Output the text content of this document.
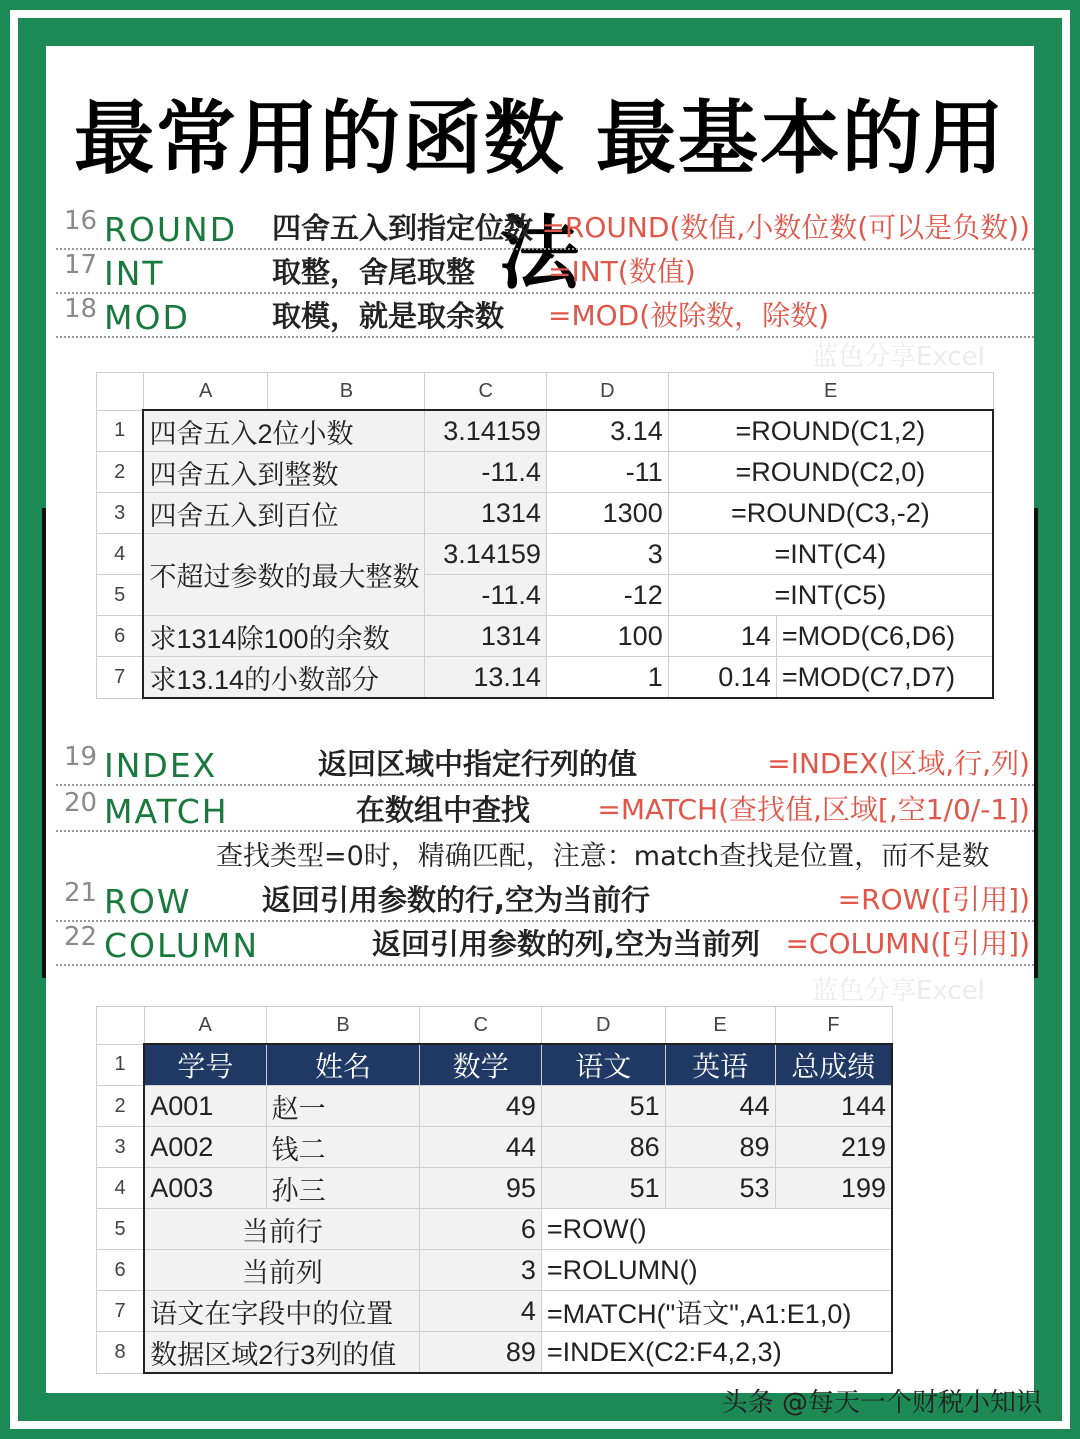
最常用的函数 最基本的用法
16 ROUND 四舍五入到指定位数 =ROUND(数值,小数位数(可以是负数))
17 INT	取整，舍尾取整	=INT(数值)
18 MOD	取模，就是取余数 =MOD(被除数，除数)
蓝色分享Excel
	A	B	C	D	E	
1	四舍五入2位小数		3.14159	3.14	=ROUND(C1,2)	
2	四舍五入到整数		-11.4	-11	=ROUND(C2,0)	
3	四舍五入到百位		1314	1300	=ROUND(C3,-2)	
4	不超过参数的最大整数		3.14159	3	=INT(C4)	
5			-11.4	-12	=INT(C5)	
6	求1314除100的余数		1314	100	14	=MOD(C6,D6)
7	求13.14的小数部分		13.14	1	0.14	=MOD(C7,D7)
19 INDEX	返回区域中指定行列的值	=INDEX(区域,行,列)
20 MATCH	在数组中查找 =MATCH(查找值,区域[,空1/0/-1])
查找类型=0时，精确匹配，注意：match查找是位置，而不是数
21 ROW 返回引用参数的行,空为当前行	=ROW([引用])
22 COLUMN	返回引用参数的列,空为当前列 =COLUMN([引用])
蓝色分享Excel
	A	B	C	D	E	F
1	学号	姓名	数学	语文	英语	总成绩
2	A001	赵一	49	51	44	144
3	A002	钱二	44	86	89	219
4	A003	孙三	95	51	53	199
5	当前行		6	=ROW()		
6	当前列		3	=ROLUMN()		
7	语文在字段中的位置		4	=MATCH("语文",A1:E1,0)		
8	数据区域2行3列的值		89	=INDEX(C2:F4,2,3)		
头条 @每天一个财税小知识
